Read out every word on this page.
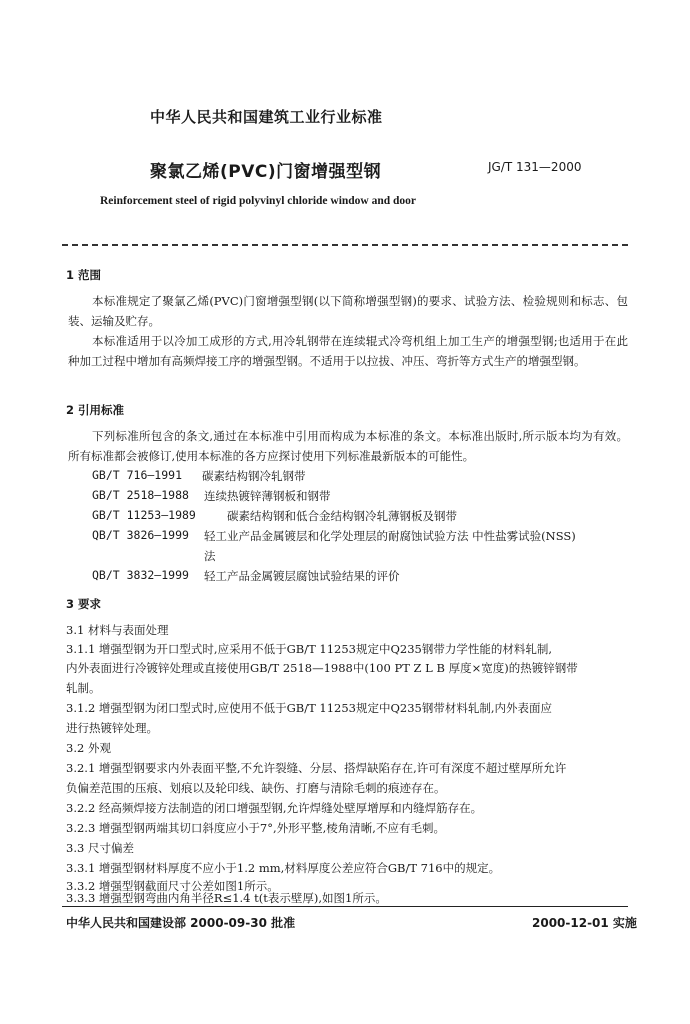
中华人民共和国建筑工业行业标准
聚氯乙烯(PVC)门窗增强型钢	JG/T 131—2000
Reinforcement steel of rigid polyvinyl chloride window and door
1 范围
本标准规定了聚氯乙烯(PVC)门窗增强型钢(以下简称增强型钢)的要求、试验方法、检验规则和标志、包装、运输及贮存。
本标准适用于以冷加工成形的方式,用冷轧钢带在连续辊式冷弯机组上加工生产的增强型钢;也适用于在此种加工过程中增加有高频焊接工序的增强型钢。不适用于以拉拔、冲压、弯折等方式生产的增强型钢。
2 引用标准
下列标准所包含的条文,通过在本标准中引用而构成为本标准的条文。本标准出版时,所示版本均为有效。所有标准都会被修订,使用本标准的各方应探讨使用下列标准最新版本的可能性。
GB/T 716—1991 碳素结构钢冷轧钢带
GB/T 2518—1988 连续热镀锌薄钢板和钢带
GB/T 11253—1989	碳素结构钢和低合金结构钢冷轧薄钢板及钢带
QB/T 3826—1999 轻工业产品金属镀层和化学处理层的耐腐蚀试验方法 中性盐雾试验(NSS)
法
QB/T 3832—1999 轻工产品金属镀层腐蚀试验结果的评价
3 要求
3.1 材料与表面处理
3.1.1 增强型钢为开口型式时,应采用不低于GB/T 11253规定中Q235钢带力学性能的材料轧制,
内外表面进行冷镀锌处理或直接使用GB/T 2518—1988中(100 PT Z L B 厚度×宽度)的热镀锌钢带
轧制。
3.1.2 增强型钢为闭口型式时,应使用不低于GB/T 11253规定中Q235钢带材料轧制,内外表面应
进行热镀锌处理。
3.2 外观
3.2.1 增强型钢要求内外表面平整,不允许裂缝、分层、搭焊缺陷存在,许可有深度不超过壁厚所允许
负偏差范围的压痕、划痕以及轮印线、缺伤、打磨与清除毛刺的痕迹存在。
3.2.2 经高频焊接方法制造的闭口增强型钢,允许焊缝处壁厚增厚和内缝焊筋存在。
3.2.3 增强型钢两端其切口斜度应小于7°,外形平整,棱角清晰,不应有毛刺。
3.3 尺寸偏差
3.3.1 增强型钢材料厚度不应小于1.2 mm,材料厚度公差应符合GB/T 716中的规定。
3.3.2 增强型钢截面尺寸公差如图1所示。
3.3.3 增强型钢弯曲内角半径R≤1.4 t(t表示壁厚),如图1所示。
中华人民共和国建设部 2000-09-30 批准	2000-12-01 实施
